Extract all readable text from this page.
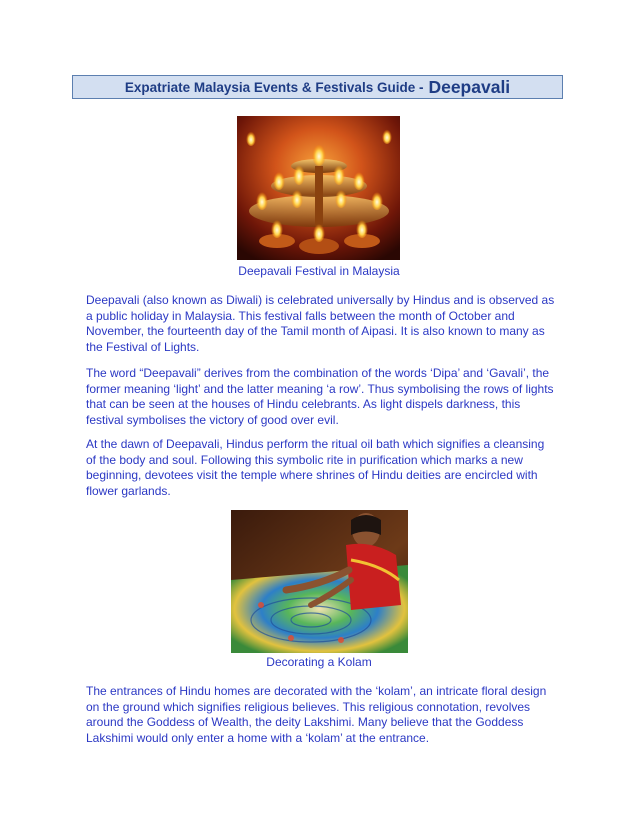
Expatriate Malaysia Events & Festivals Guide - Deepavali
Deepavali Festival in Malaysia

Deepavali (also known as Diwali) is celebrated universally by Hindus and is observed as a public holiday in Malaysia. This festival falls between the month of October and November, the fourteenth day of the Tamil month of Aipasi. It is also known to many as the Festival of Lights.

The word “Deepavali” derives from the combination of the words ‘Dipa’ and ‘Gavali’, the former meaning ‘light’ and the latter meaning ‘a row’. Thus symbolising the rows of lights that can be seen at the houses of Hindu celebrants. As light dispels darkness, this festival symbolises the victory of good over evil.

At the dawn of Deepavali, Hindus perform the ritual oil bath which signifies a cleansing of the body and soul. Following this symbolic rite in purification which marks a new beginning, devotees visit the temple where shrines of Hindu deities are encircled with flower garlands.

Decorating a Kolam

The entrances of Hindu homes are decorated with the ‘kolam’, an intricate floral design on the ground which signifies religious believes. This religious connotation, revolves around the Goddess of Wealth, the deity Lakshimi. Many believe that the Goddess Lakshimi would only enter a home with a ‘kolam’ at the entrance.
